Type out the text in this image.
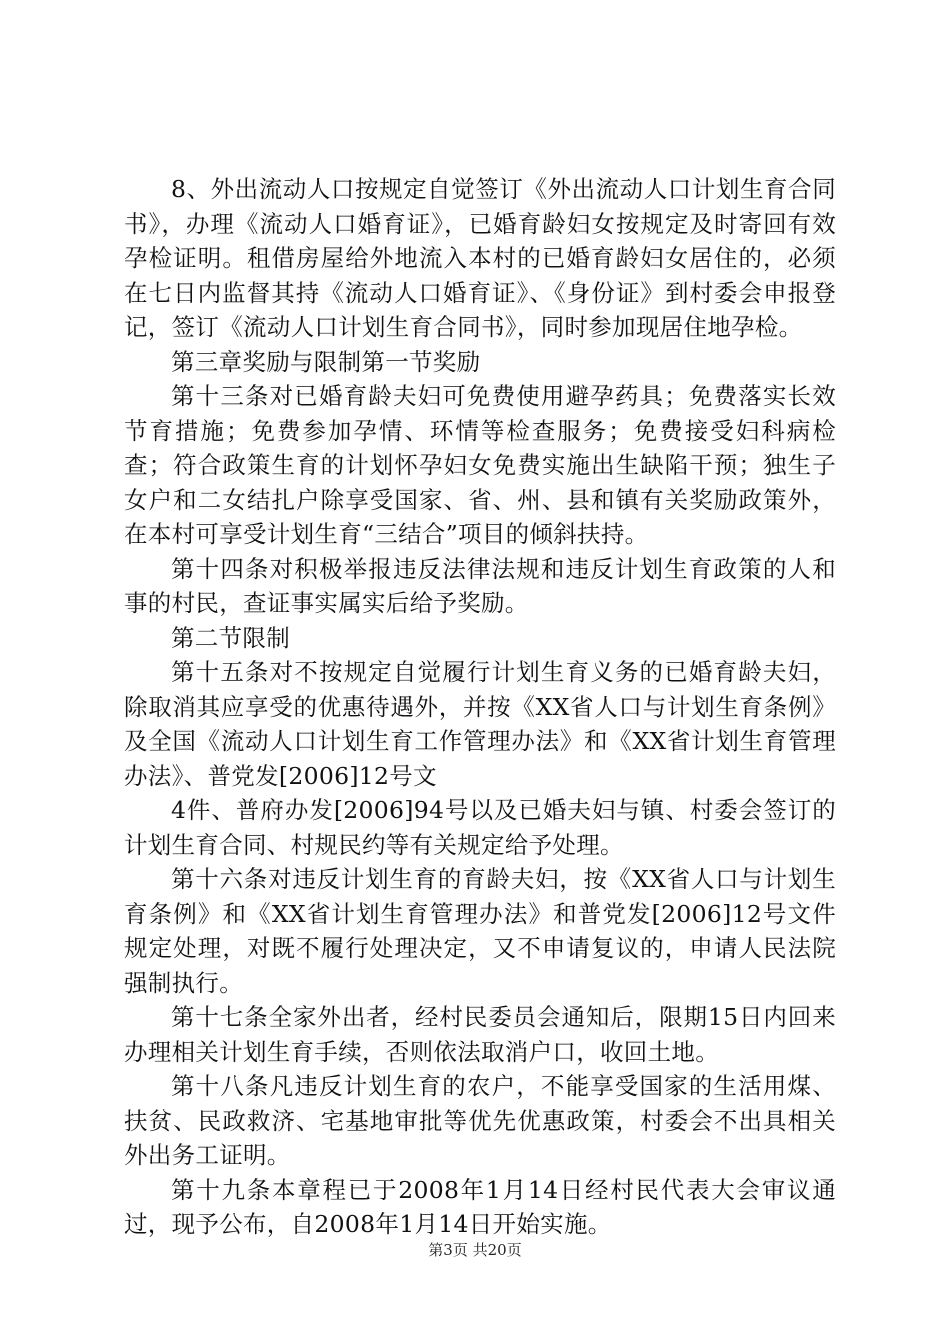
8、外出流动人口按规定自觉签订《外出流动人口计划生育合同书》，办理《流动人口婚育证》，已婚育龄妇女按规定及时寄回有效孕检证明。租借房屋给外地流入本村的已婚育龄妇女居住的，必须在七日内监督其持《流动人口婚育证》、《身份证》到村委会申报登记，签订《流动人口计划生育合同书》，同时参加现居住地孕检。

第三章奖励与限制第一节奖励

第十三条对已婚育龄夫妇可免费使用避孕药具；免费落实长效节育措施；免费参加孕情、环情等检查服务；免费接受妇科病检查；符合政策生育的计划怀孕妇女免费实施出生缺陷干预；独生子女户和二女结扎户除享受国家、省、州、县和镇有关奖励政策外，在本村可享受计划生育“三结合”项目的倾斜扶持。

第十四条对积极举报违反法律法规和违反计划生育政策的人和事的村民，查证事实属实后给予奖励。

第二节限制

第十五条对不按规定自觉履行计划生育义务的已婚育龄夫妇，除取消其应享受的优惠待遇外，并按《XX省人口与计划生育条例》及全国《流动人口计划生育工作管理办法》和《XX省计划生育管理办法》、普党发[2006]12号文

4件、普府办发[2006]94号以及已婚夫妇与镇、村委会签订的计划生育合同、村规民约等有关规定给予处理。

第十六条对违反计划生育的育龄夫妇，按《XX省人口与计划生育条例》和《XX省计划生育管理办法》和普党发[2006]12号文件规定处理，对既不履行处理决定，又不申请复议的，申请人民法院强制执行。

第十七条全家外出者，经村民委员会通知后，限期15日内回来办理相关计划生育手续，否则依法取消户口，收回土地。

第十八条凡违反计划生育的农户，不能享受国家的生活用煤、扶贫、民政救济、宅基地审批等优先优惠政策，村委会不出具相关外出务工证明。

第十九条本章程已于2008年1月14日经村民代表大会审议通过，现予公布，自2008年1月14日开始实施。

第3页 共20页
